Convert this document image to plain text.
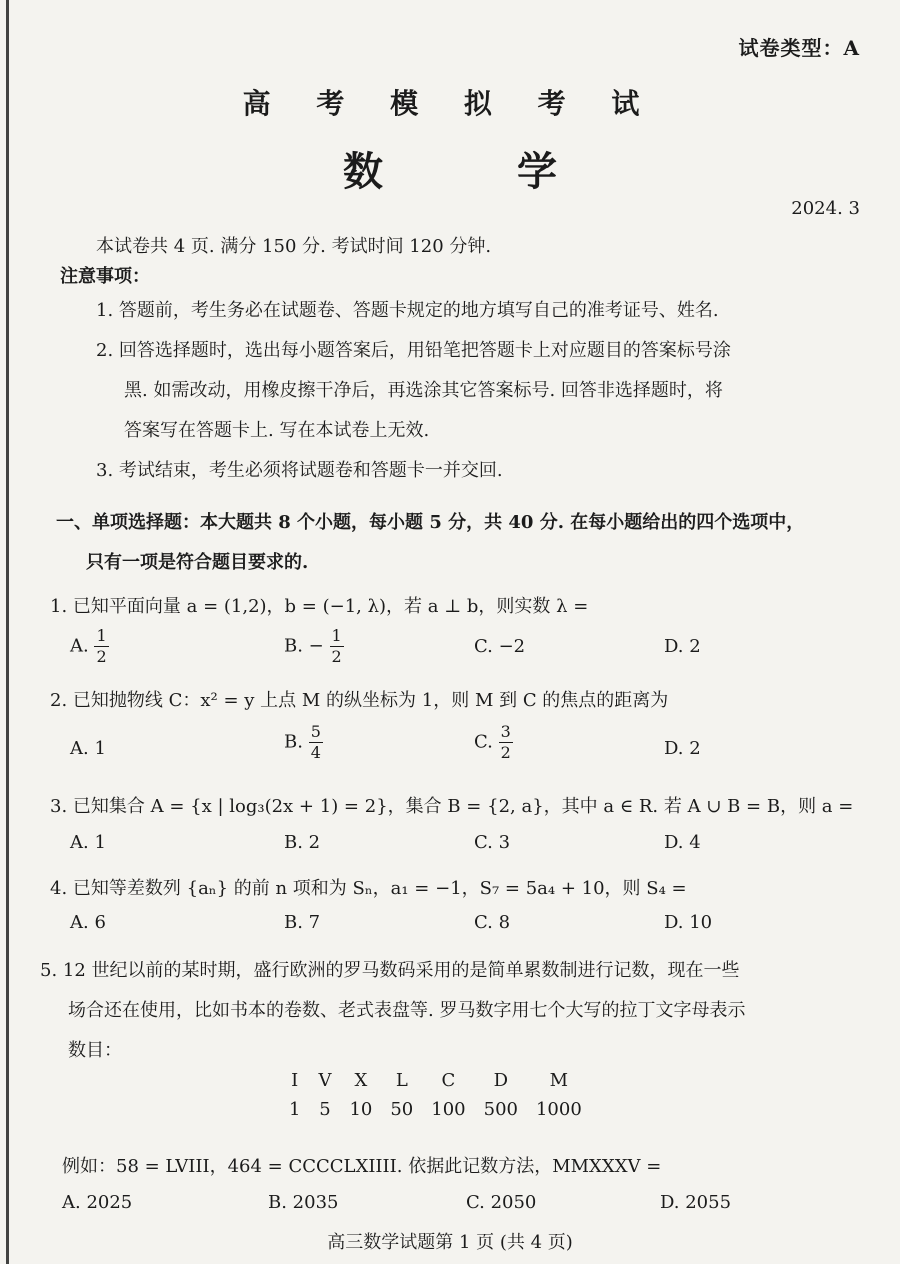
试卷类型：A
高 考 模 拟 考 试
数 学
2024. 3
本试卷共 4 页. 满分 150 分. 考试时间 120 分钟.
注意事项：
1. 答题前，考生务必在试题卷、答题卡规定的地方填写自己的准考证号、姓名.
2. 回答选择题时，选出每小题答案后，用铅笔把答题卡上对应题目的答案标号涂
黑. 如需改动，用橡皮擦干净后，再选涂其它答案标号. 回答非选择题时，将
答案写在答题卡上. 写在本试卷上无效.
3. 考试结束，考生必须将试题卷和答题卡一并交回.
一、单项选择题：本大题共 8 个小题，每小题 5 分，共 40 分. 在每小题给出的四个选项中，
只有一项是符合题目要求的.
1. 已知平面向量 a = (1,2)，b = (−1, λ)，若 a ⊥ b，则实数 λ =
A. $\frac{1}{2}$	B. − $\frac{1}{2}$	C. −2	D. 2
2. 已知抛物线 C：x² = y 上点 M 的纵坐标为 1，则 M 到 C 的焦点的距离为
A. 1	B. $\frac{5}{4}$	C. $\frac{3}{2}$	D. 2
3. 已知集合 A = {x | log₃(2x + 1) = 2}，集合 B = {2, a}，其中 a ∈ R. 若 A ∪ B = B，则 a =
A. 1	B. 2	C. 3	D. 4
4. 已知等差数列 {aₙ} 的前 n 项和为 Sₙ，a₁ = −1，S₇ = 5a₄ + 10，则 S₄ =
A. 6	B. 7	C. 8	D. 10
5. 12 世纪以前的某时期，盛行欧洲的罗马数码采用的是简单累数制进行记数，现在一些
场合还在使用，比如书本的卷数、老式表盘等. 罗马数字用七个大写的拉丁文字母表示
数目：
I	V	X	L	C	D	M
1	5	10	50	100	500	1000
例如：58 = LVIII，464 = CCCCLXIIII. 依据此记数方法，MMXXXV =
A. 2025	B. 2035	C. 2050	D. 2055
高三数学试题第 1 页 (共 4 页)
